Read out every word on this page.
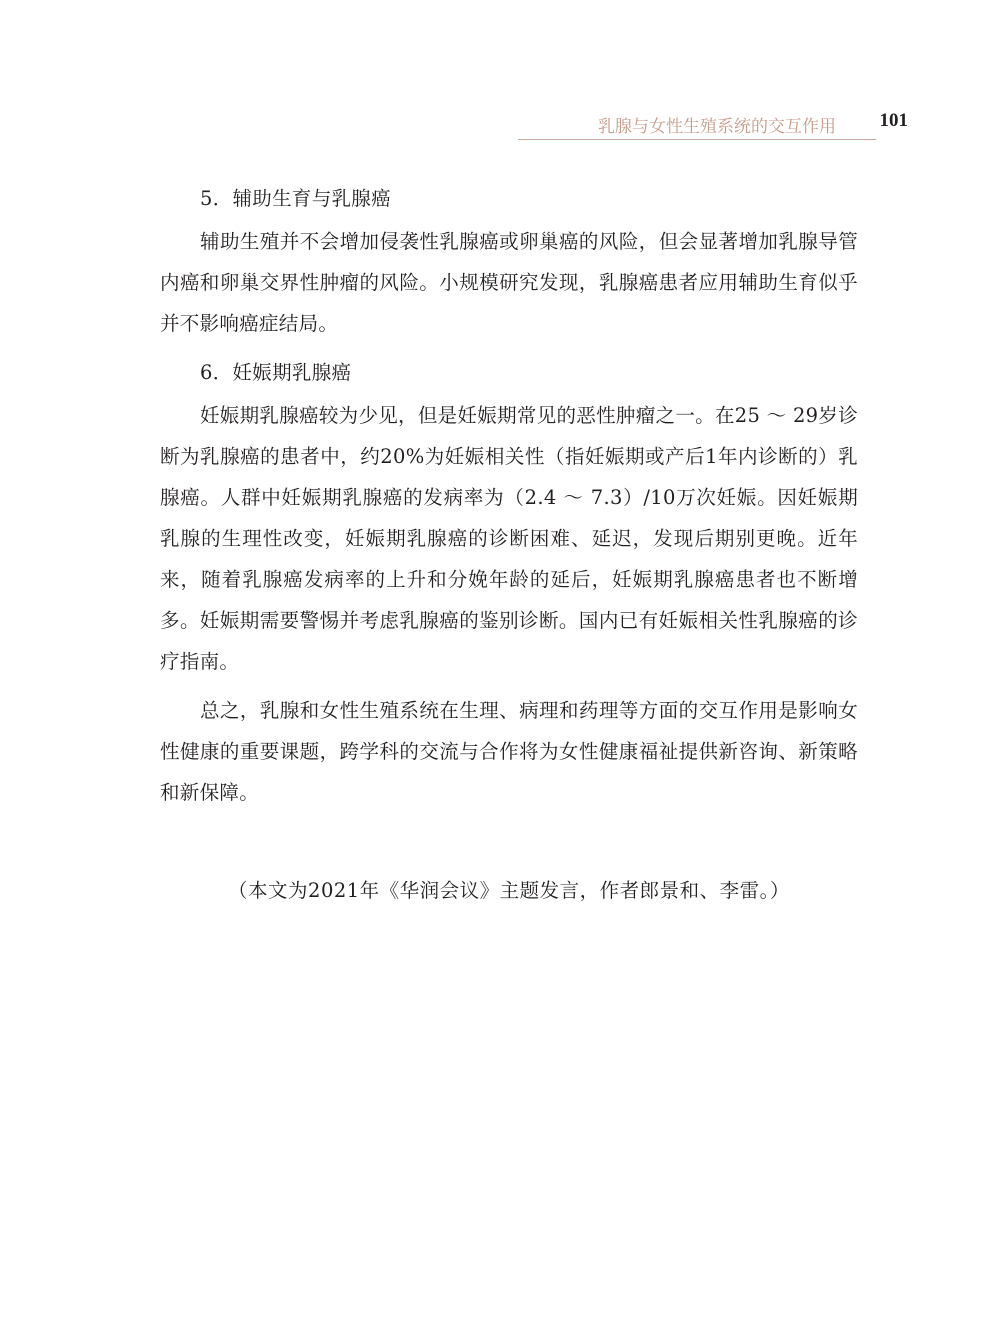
乳腺与女性生殖系统的交互作用 101

5．辅助生育与乳腺癌

辅助生殖并不会增加侵袭性乳腺癌或卵巢癌的风险，但会显著增加乳腺导管内癌和卵巢交界性肿瘤的风险。小规模研究发现，乳腺癌患者应用辅助生育似乎并不影响癌症结局。

6．妊娠期乳腺癌

妊娠期乳腺癌较为少见，但是妊娠期常见的恶性肿瘤之一。在25 ～ 29岁诊断为乳腺癌的患者中，约20%为妊娠相关性（指妊娠期或产后1年内诊断的）乳腺癌。人群中妊娠期乳腺癌的发病率为（2.4 ～ 7.3）/10万次妊娠。因妊娠期乳腺的生理性改变，妊娠期乳腺癌的诊断困难、延迟，发现后期别更晚。近年来，随着乳腺癌发病率的上升和分娩年龄的延后，妊娠期乳腺癌患者也不断增多。妊娠期需要警惕并考虑乳腺癌的鉴别诊断。国内已有妊娠相关性乳腺癌的诊疗指南。

总之，乳腺和女性生殖系统在生理、病理和药理等方面的交互作用是影响女性健康的重要课题，跨学科的交流与合作将为女性健康福祉提供新咨询、新策略和新保障。

（本文为2021年《华润会议》主题发言，作者郎景和、李雷。）
